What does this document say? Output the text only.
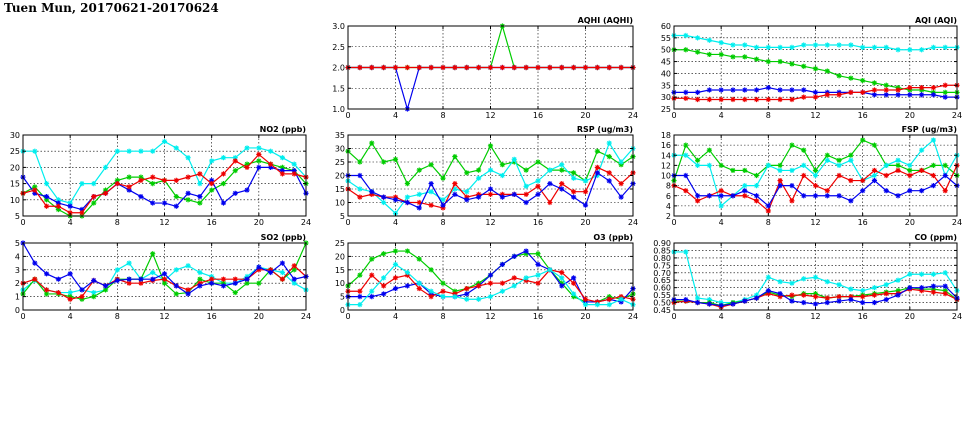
Tuen Mun, 20170621-20170624
AQHI (AQHI)
0	4	8	12	16	20	24
1.0
1.5
2.0
2.5
3.0
AQI (AQI)
0	4	8	12	16	20	24
25
30
35
40
45
50
55
60
NO2 (ppb)
0	4	8	12	16	20	24
5
10
15
20
25
30
RSP (ug/m3)
0	4	8	12	16	20	24
5
10
15
20
25
30
35
FSP (ug/m3)
0	4	8	12	16	20	24
2
4
6
8
10
12
14
16
18
SO2 (ppb)
0	4	8	12	16	20	24
0
1
2
3
4
5
O3 (ppb)
0	4	8	12	16	20	24
0
5
10
15
20
25
CO (ppm)
0	4	8	12	16	20	24
0.45
0.50
0.55
0.60
0.65
0.70
0.75
0.80
0.85
0.90
